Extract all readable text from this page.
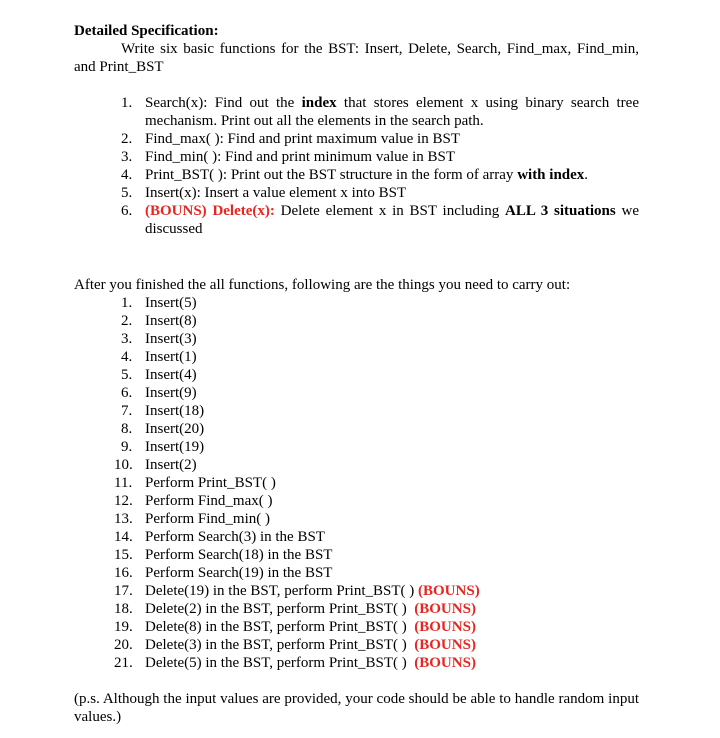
Detailed Specification:
Write six basic functions for the BST: Insert, Delete, Search, Find_max, Find_min, and Print_BST
1. Search(x): Find out the index that stores element x using binary search tree mechanism. Print out all the elements in the search path.
2. Find_max( ): Find and print maximum value in BST
3. Find_min( ): Find and print minimum value in BST
4. Print_BST( ): Print out the BST structure in the form of array with index.
5. Insert(x): Insert a value element x into BST
6. (BOUNS) Delete(x): Delete element x in BST including ALL 3 situations we discussed
After you finished the all functions, following are the things you need to carry out:
1. Insert(5)
2. Insert(8)
3. Insert(3)
4. Insert(1)
5. Insert(4)
6. Insert(9)
7. Insert(18)
8. Insert(20)
9. Insert(19)
10. Insert(2)
11. Perform Print_BST( )
12. Perform Find_max( )
13. Perform Find_min( )
14. Perform Search(3) in the BST
15. Perform Search(18) in the BST
16. Perform Search(19) in the BST
17. Delete(19) in the BST, perform Print_BST( ) (BOUNS)
18. Delete(2) in the BST, perform Print_BST( )  (BOUNS)
19. Delete(8) in the BST, perform Print_BST( )  (BOUNS)
20. Delete(3) in the BST, perform Print_BST( )  (BOUNS)
21. Delete(5) in the BST, perform Print_BST( )  (BOUNS)
(p.s. Although the input values are provided, your code should be able to handle random input values.)
